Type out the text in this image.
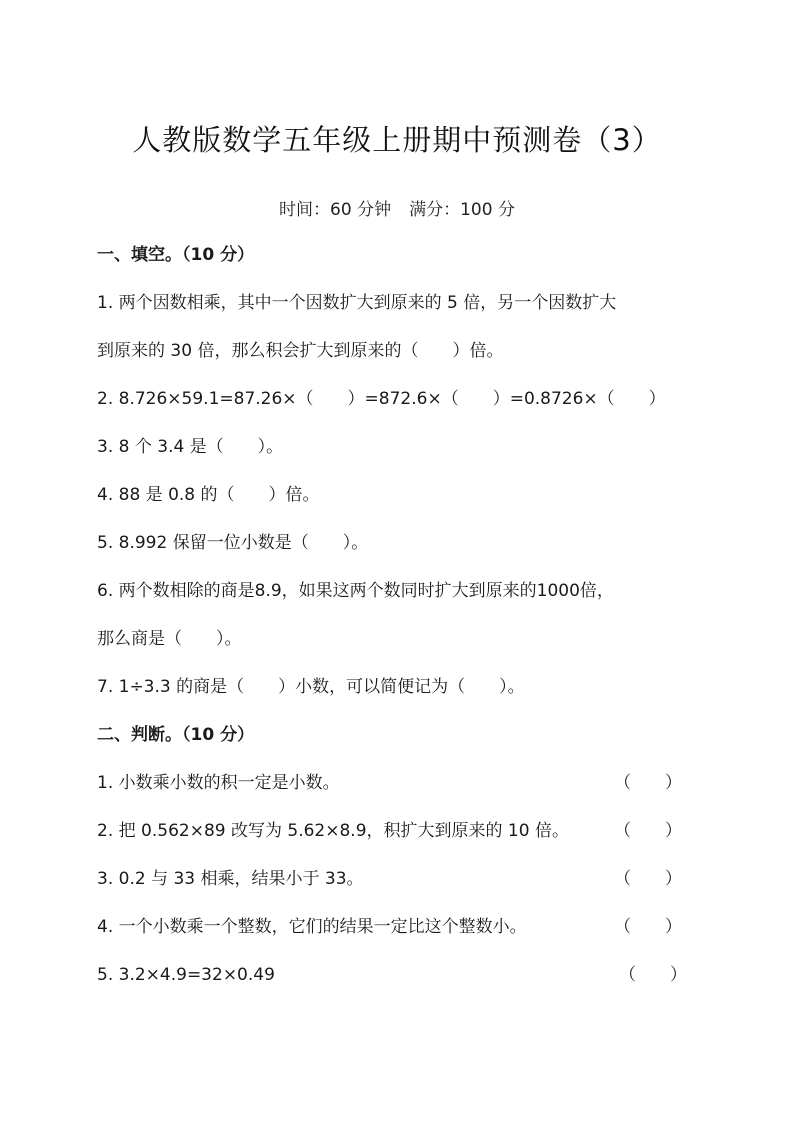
人教版数学五年级上册期中预测卷（3）
时间：60 分钟 满分：100 分
一、填空。（10 分）
1. 两个因数相乘，其中一个因数扩大到原来的 5 倍，另一个因数扩大
到原来的 30 倍，那么积会扩大到原来的（　　）倍。
2. 8.726×59.1=87.26×（　　）=872.6×（　　）=0.8726×（　　）
3. 8 个 3.4 是（　　）。
4. 88 是 0.8 的（　　）倍。
5. 8.992 保留一位小数是（　　）。
6. 两个数相除的商是8.9，如果这两个数同时扩大到原来的1000倍，
那么商是（　　）。
7. 1÷3.3 的商是（　　）小数，可以简便记为（　　）。
二、判断。（10 分）
1. 小数乘小数的积一定是小数。	（　　）
2. 把 0.562×89 改写为 5.62×8.9，积扩大到原来的 10 倍。	（　　）
3. 0.2 与 33 相乘，结果小于 33。	（　　）
4. 一个小数乘一个整数，它们的结果一定比这个整数小。	（　　）
5. 3.2×4.9=32×0.49	（　　）
